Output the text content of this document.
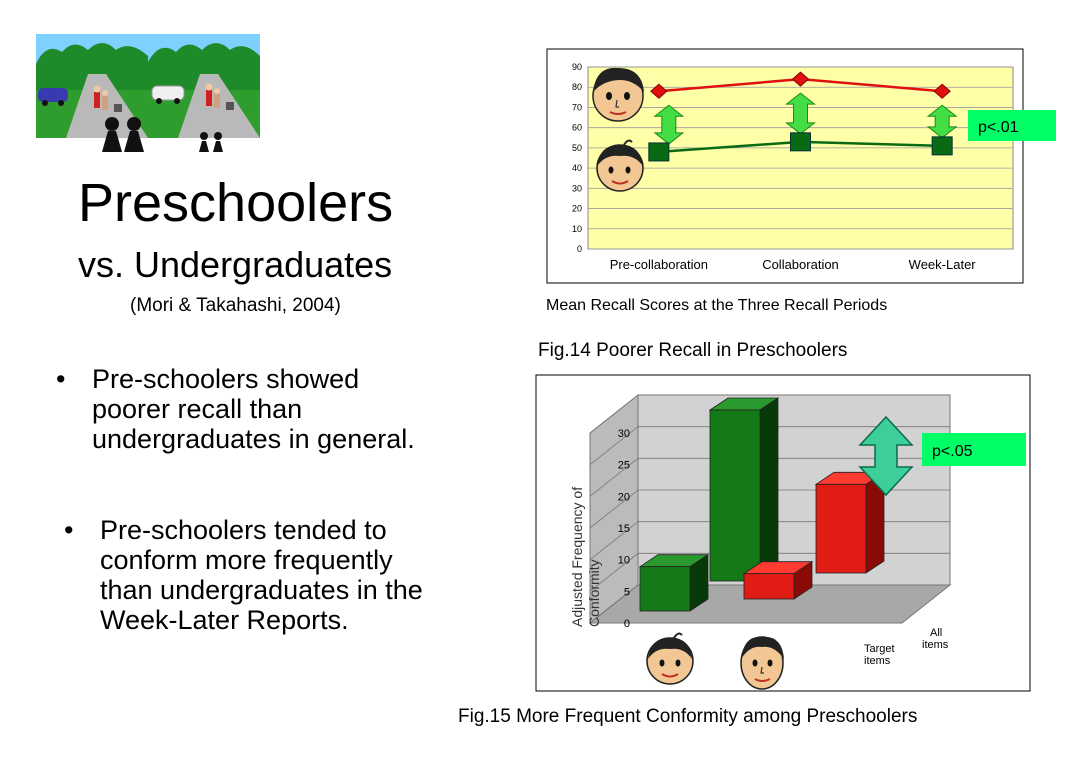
Preschoolers
vs. Undergraduates
(Mori & Takahashi, 2004)
• Pre-schoolers showed
poorer recall than
undergraduates in general.
• Pre-schoolers tended to
conform more frequently
than undergraduates in the
Week-Later Reports.
0
10
20
30
40
50
60
70
80
90
Pre-collaboration	Collaboration	Week-Later
p<.01
Mean Recall Scores at the Three Recall Periods
Fig.14 Poorer Recall in Preschoolers
0
5
10
15
20
25
30
Adjusted Frequency of Conformity
Target
items
All
items
p<.05
Fig.15 More Frequent Conformity among Preschoolers
